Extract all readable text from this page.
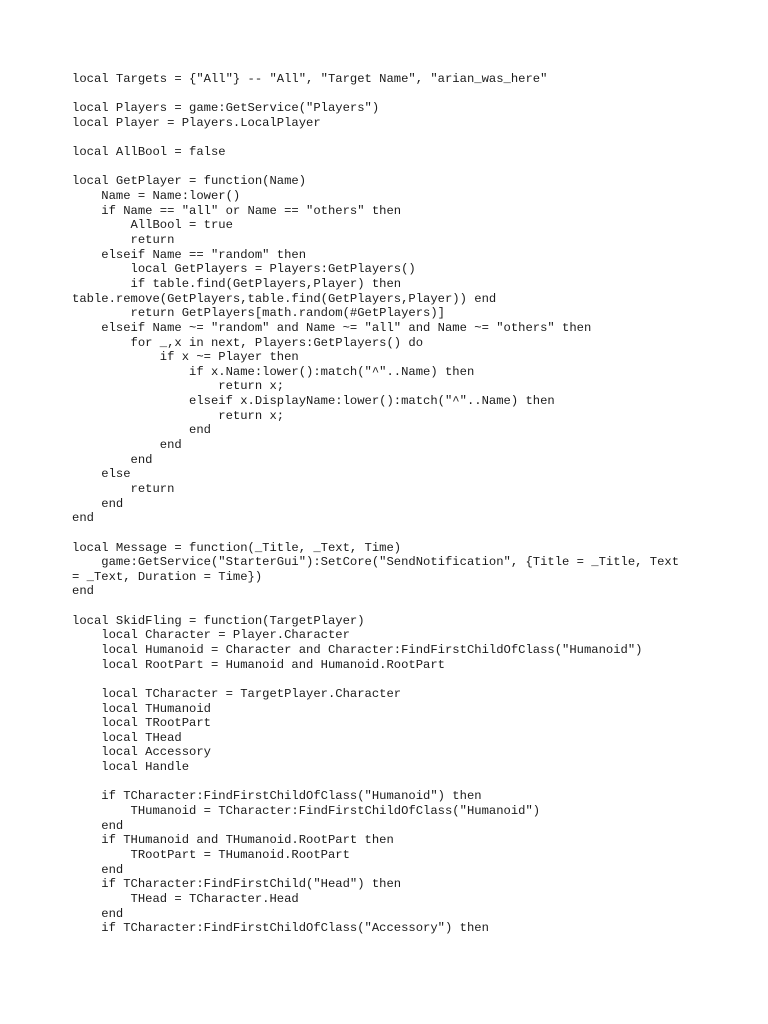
local Targets = {"All"} -- "All", "Target Name", "arian_was_here"
local Players = game:GetService("Players")
local Player = Players.LocalPlayer
local AllBool = false
local GetPlayer = function(Name)
Name = Name:lower()
if Name == "all" or Name == "others" then
AllBool = true
return
elseif Name == "random" then
local GetPlayers = Players:GetPlayers()
if table.find(GetPlayers,Player) then
table.remove(GetPlayers,table.find(GetPlayers,Player)) end
return GetPlayers[math.random(#GetPlayers)]
elseif Name ~= "random" and Name ~= "all" and Name ~= "others" then
for _,x in next, Players:GetPlayers() do
if x ~= Player then
if x.Name:lower():match("^"..Name) then
return x;
elseif x.DisplayName:lower():match("^"..Name) then
return x;
end
end
end
else
return
end
end
local Message = function(_Title, _Text, Time)
game:GetService("StarterGui"):SetCore("SendNotification", {Title = _Title, Text
= _Text, Duration = Time})
end
local SkidFling = function(TargetPlayer)
local Character = Player.Character
local Humanoid = Character and Character:FindFirstChildOfClass("Humanoid")
local RootPart = Humanoid and Humanoid.RootPart
local TCharacter = TargetPlayer.Character
local THumanoid
local TRootPart
local THead
local Accessory
local Handle
if TCharacter:FindFirstChildOfClass("Humanoid") then
THumanoid = TCharacter:FindFirstChildOfClass("Humanoid")
end
if THumanoid and THumanoid.RootPart then
TRootPart = THumanoid.RootPart
end
if TCharacter:FindFirstChild("Head") then
THead = TCharacter.Head
end
if TCharacter:FindFirstChildOfClass("Accessory") then
